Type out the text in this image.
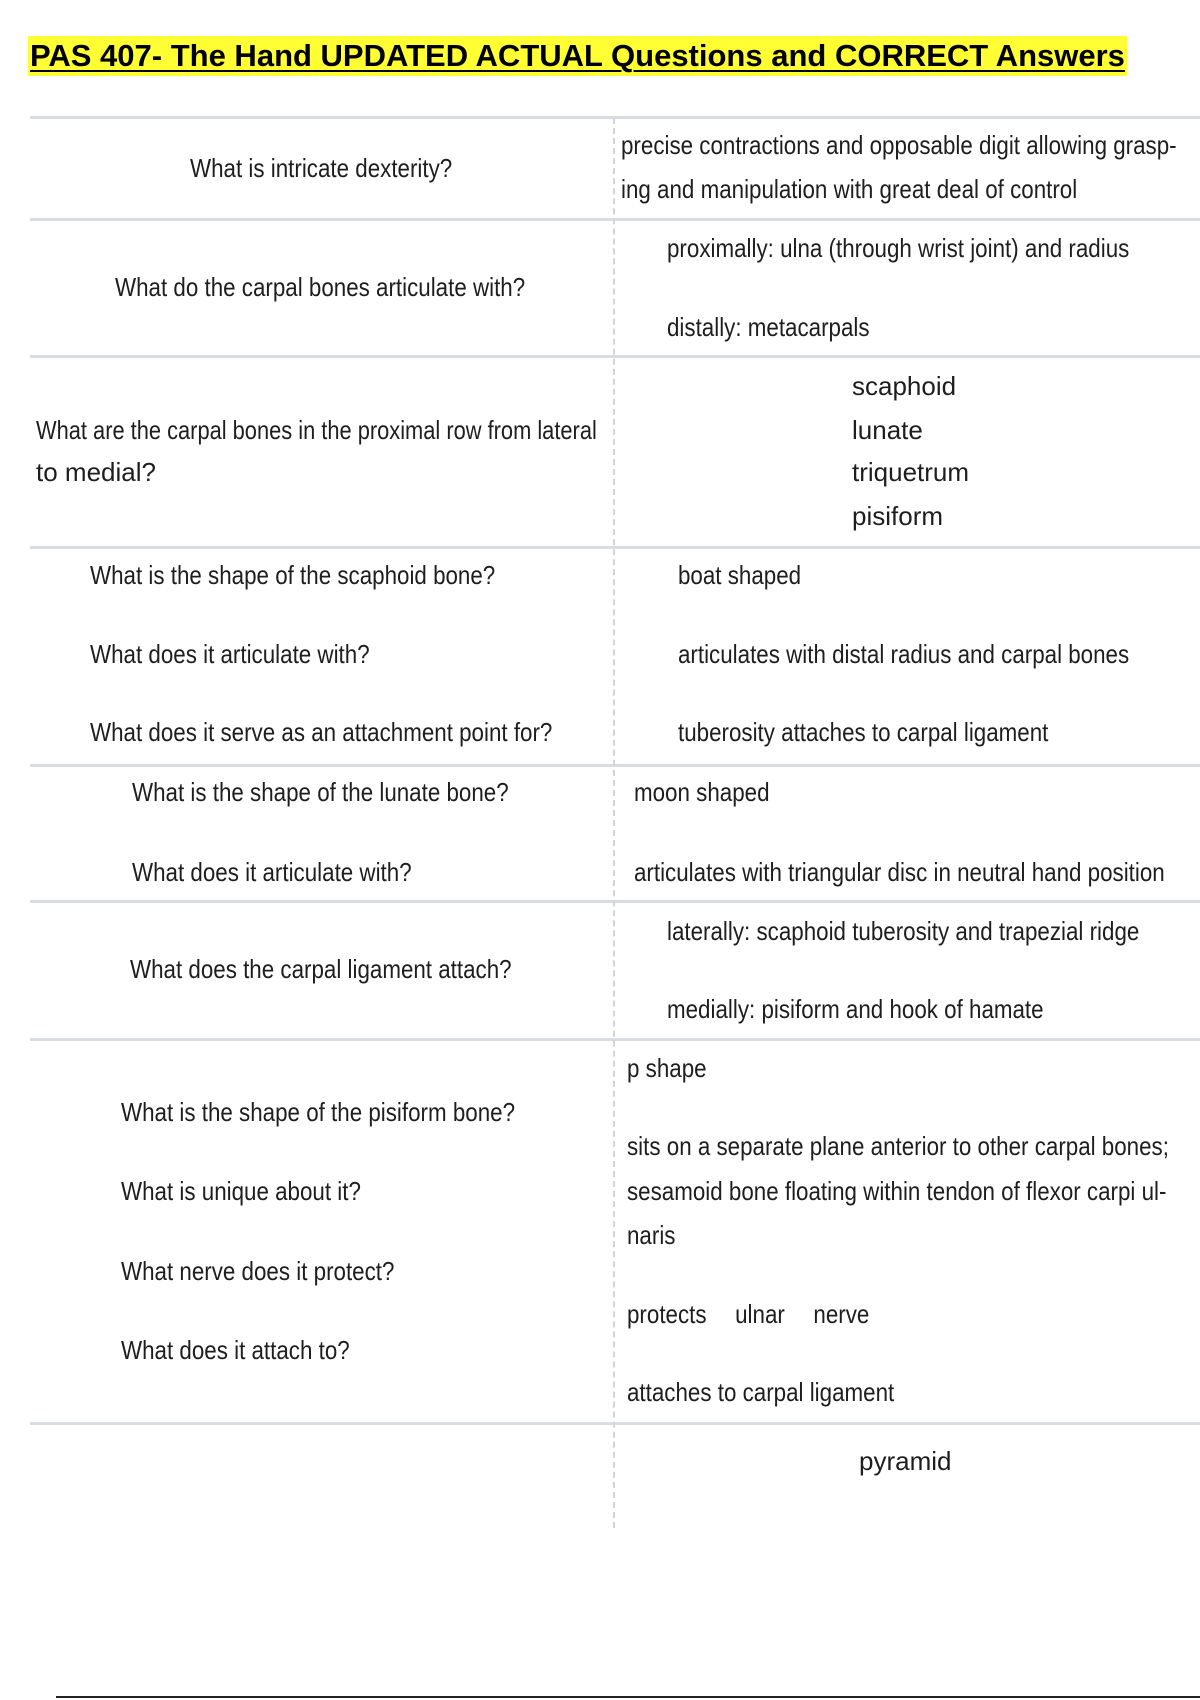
PAS 407- The Hand UPDATED ACTUAL Questions and CORRECT Answers
What is intricate dexterity?
precise contractions and opposable digit allowing grasp-
ing and manipulation with great deal of control
What do the carpal bones articulate with?
proximally: ulna (through wrist joint) and radius
distally: metacarpals
What are the carpal bones in the proximal row from lateral
to medial?
scaphoid
lunate
triquetrum
pisiform
What is the shape of the scaphoid bone?
What does it articulate with?
What does it serve as an attachment point for?
boat shaped
articulates with distal radius and carpal bones
tuberosity attaches to carpal ligament
What is the shape of the lunate bone?
What does it articulate with?
moon shaped
articulates with triangular disc in neutral hand position
What does the carpal ligament attach?
laterally: scaphoid tuberosity and trapezial ridge
medially: pisiform and hook of hamate
What is the shape of the pisiform bone?
What is unique about it?
What nerve does it protect?
What does it attach to?
p shape
sits on a separate plane anterior to other carpal bones;
sesamoid bone floating within tendon of flexor carpi ul-
naris
protects ulnar nerve
attaches to carpal ligament
pyramid
